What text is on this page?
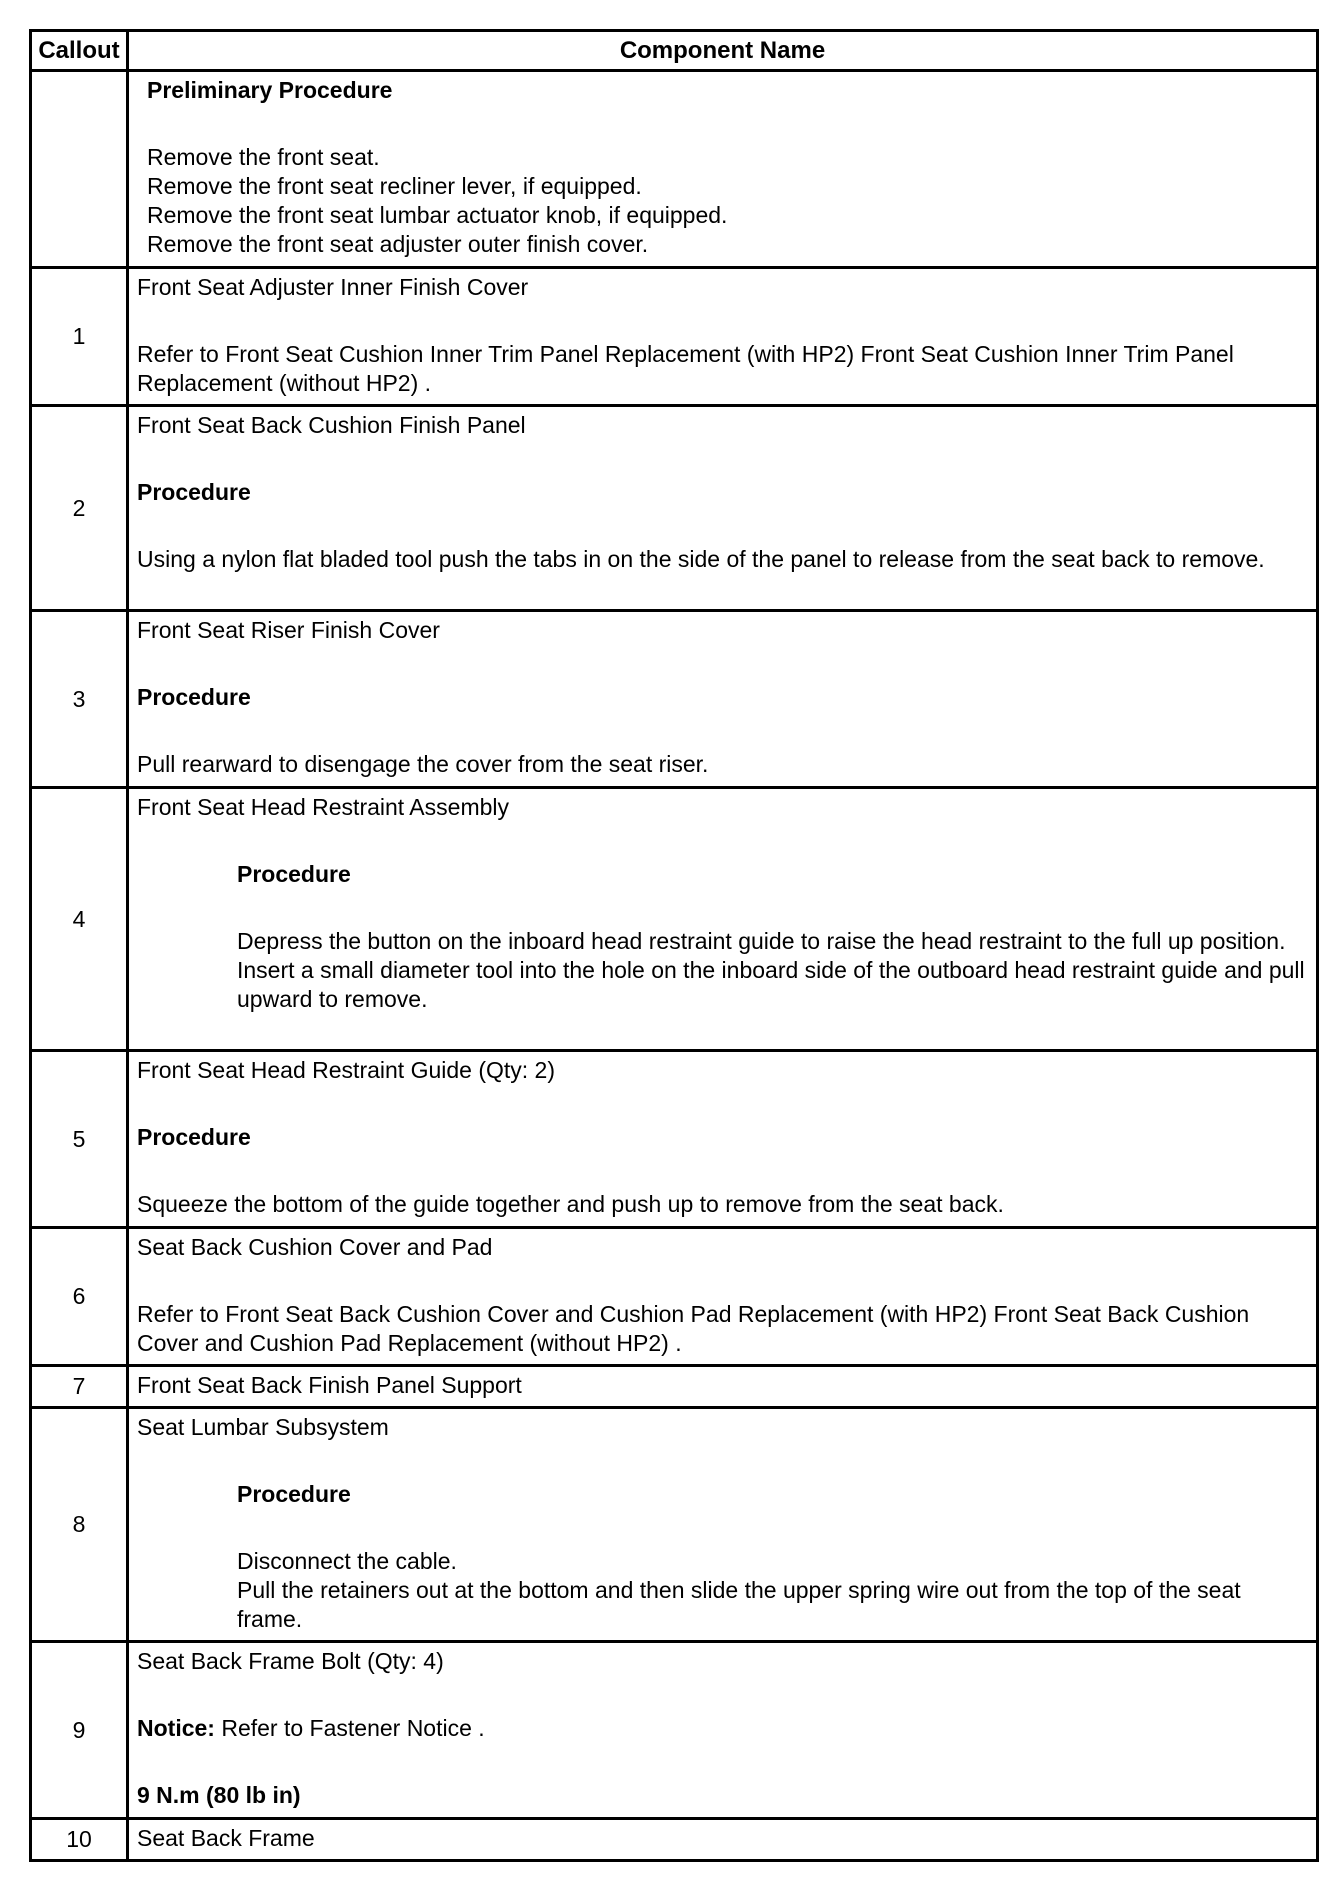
Callout	Component Name

	Preliminary Procedure
Remove the front seat.
Remove the front seat recliner lever, if equipped.
Remove the front seat lumbar actuator knob, if equipped.
Remove the front seat adjuster outer finish cover.

1	Front Seat Adjuster Inner Finish Cover
Refer to Front Seat Cushion Inner Trim Panel Replacement (with HP2) Front Seat Cushion Inner Trim Panel Replacement (without HP2) .

2	Front Seat Back Cushion Finish Panel
Procedure
Using a nylon flat bladed tool push the tabs in on the side of the panel to release from the seat back to remove.

3	Front Seat Riser Finish Cover
Procedure
Pull rearward to disengage the cover from the seat riser.

4	Front Seat Head Restraint Assembly
Procedure
Depress the button on the inboard head restraint guide to raise the head restraint to the full up position.
Insert a small diameter tool into the hole on the inboard side of the outboard head restraint guide and pull upward to remove.

5	Front Seat Head Restraint Guide (Qty: 2)
Procedure
Squeeze the bottom of the guide together and push up to remove from the seat back.

6	Seat Back Cushion Cover and Pad
Refer to Front Seat Back Cushion Cover and Cushion Pad Replacement (with HP2) Front Seat Back Cushion Cover and Cushion Pad Replacement (without HP2) .

7	Front Seat Back Finish Panel Support

8	Seat Lumbar Subsystem
Procedure
Disconnect the cable.
Pull the retainers out at the bottom and then slide the upper spring wire out from the top of the seat frame.

9	Seat Back Frame Bolt (Qty: 4)
Notice: Refer to Fastener Notice .
9 N.m (80 lb in)

10	Seat Back Frame
